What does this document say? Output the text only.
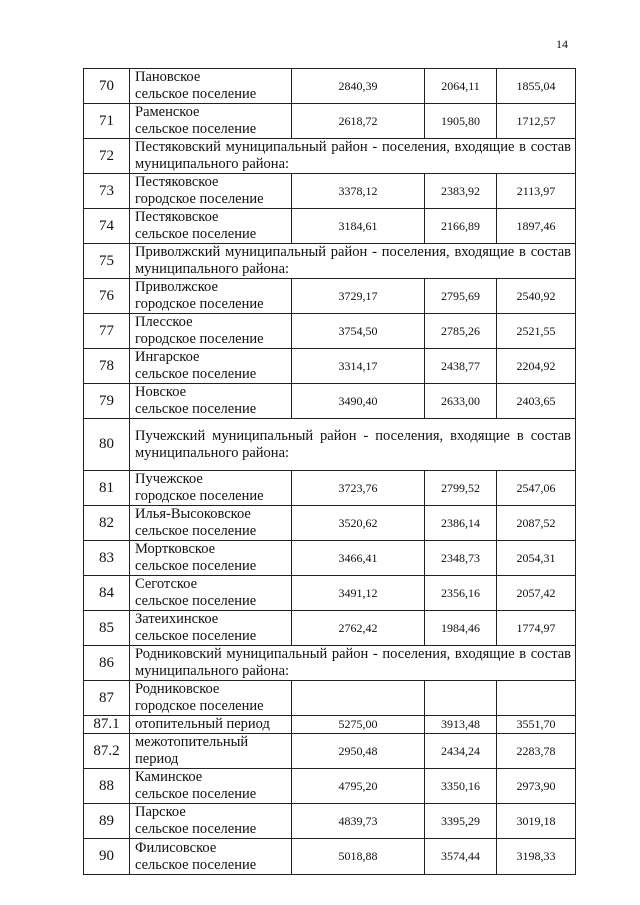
14
70	Пановское
сельское поселение	2840,39	2064,11	1855,04
71	Раменское
сельское поселение	2618,72	1905,80	1712,57
72	Пестяковский муниципальный район - поселения, входящие в состав муниципального района:			
73	Пестяковское
городское поселение	3378,12	2383,92	2113,97
74	Пестяковское
сельское поселение	3184,61	2166,89	1897,46
75	Приволжский муниципальный район - поселения, входящие в состав муниципального района:			
76	Приволжское
городское поселение	3729,17	2795,69	2540,92
77	Плесское
городское поселение	3754,50	2785,26	2521,55
78	Ингарское
сельское поселение	3314,17	2438,77	2204,92
79	Новское
сельское поселение	3490,40	2633,00	2403,65
80	Пучежский муниципальный район - поселения, входящие в состав муниципального района:			
81	Пучежское
городское поселение	3723,76	2799,52	2547,06
82	Илья-Высоковское
сельское поселение	3520,62	2386,14	2087,52
83	Мортковское
сельское поселение	3466,41	2348,73	2054,31
84	Сеготское
сельское поселение	3491,12	2356,16	2057,42
85	Затеихинское
сельское поселение	2762,42	1984,46	1774,97
86	Родниковский муниципальный район - поселения, входящие в состав муниципального района:			
87	Родниковское
городское поселение			

87.1	отопительный период	5275,00	3913,48	3551,70
87.2	межотопительный
период	2950,48	2434,24	2283,78
88	Каминское
сельское поселение	4795,20	3350,16	2973,90
89	Парское
сельское поселение	4839,73	3395,29	3019,18
90	Филисовское
сельское поселение	5018,88	3574,44	3198,33
